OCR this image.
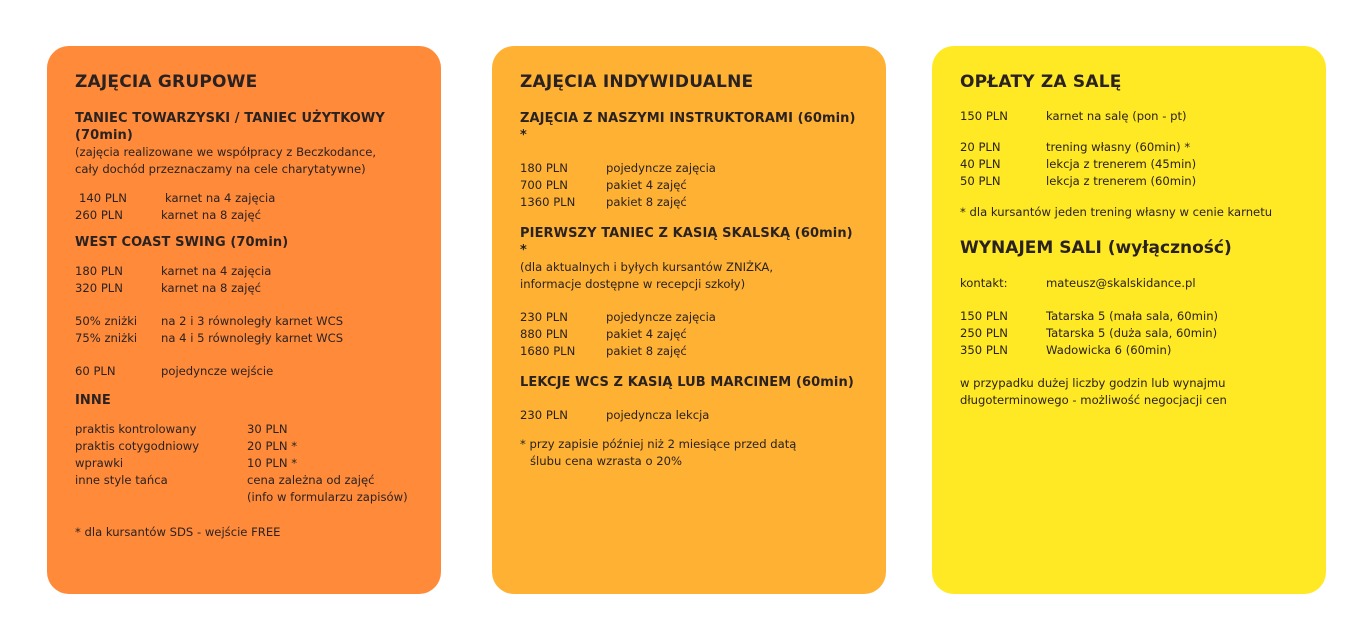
ZAJĘCIA GRUPOWE

TANIEC TOWARZYSKI / TANIEC UŻYTKOWY (70min)

(zajęcia realizowane we współpracy z Beczkodance,

cały dochód przeznaczamy na cele charytatywne)

140 PLN	karnet na 4 zajęcia
260 PLN	karnet na 8 zajęć

WEST COAST SWING (70min)

180 PLN	karnet na 4 zajęcia
320 PLN	karnet na 8 zajęć
50% zniżki	na 2 i 3 równoległy karnet WCS
75% zniżki	na 4 i 5 równoległy karnet WCS
60 PLN	pojedyncze wejście

INNE

praktis kontrolowany	30 PLN
praktis cotygodniowy	20 PLN *
wprawki	10 PLN *
inne style tańca	cena zależna od zajęć
(info w formularzu zapisów)

* dla kursantów SDS - wejście FREE

ZAJĘCIA INDYWIDUALNE

ZAJĘCIA Z NASZYMI INSTRUKTORAMI (60min) *

180 PLN	pojedyncze zajęcia
700 PLN	pakiet 4 zajęć
1360 PLN	pakiet 8 zajęć

PIERWSZY TANIEC Z KASIĄ SKALSKĄ (60min) *

(dla aktualnych i byłych kursantów ZNIŻKA,

informacje dostępne w recepcji szkoły)

230 PLN	pojedyncze zajęcia
880 PLN	pakiet 4 zajęć
1680 PLN	pakiet 8 zajęć

LEKCJE WCS Z KASIĄ LUB MARCINEM (60min)

230 PLN	pojedyncza lekcja

* przy zapisie później niż 2 miesiące przed datą

ślubu cena wzrasta o 20%

OPŁATY ZA SALĘ

150 PLN	karnet na salę (pon - pt)
20 PLN	trening własny (60min) *
40 PLN	lekcja z trenerem (45min)
50 PLN	lekcja z trenerem (60min)

* dla kursantów jeden trening własny w cenie karnetu

WYNAJEM SALI (wyłączność)

kontakt:	mateusz@skalskidance.pl
150 PLN	Tatarska 5 (mała sala, 60min)
250 PLN	Tatarska 5 (duża sala, 60min)
350 PLN	Wadowicka 6 (60min)

w przypadku dużej liczby godzin lub wynajmu

długoterminowego - możliwość negocjacji cen
